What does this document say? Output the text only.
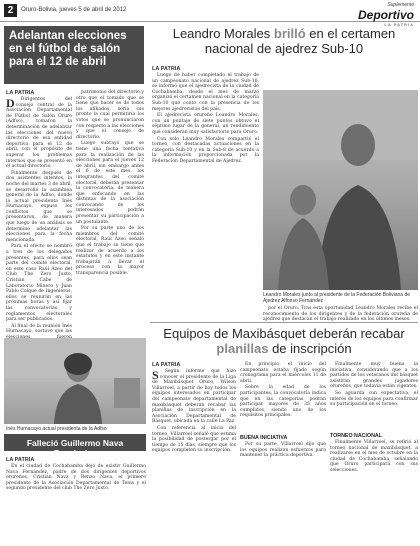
2	Oruro-Bolivia, jueves 5 de abril de 2012
Suplemento
Deportivo
LA PATRIA
Adelantan elecciones en el fútbol de salón para el 12 de abril
LA PATRIA
D	Dirigentes del consejo central de la Asociación Departamental de Fútbol de Salón Oruro (Adfso), tomaron la determinación de adelantar las elecciones del nuevo directorio de esa entidad deportiva para el 12 de abril, con el propósito de superar los problemas internos que se presentó en el actual directorio.

Finalmente después de dos asistentes intentos, la noche del martes 3 de abril, se desarrolló la asamblea general de la Adfso, donde la actual presidenta Inés Hurnacayo, expuso los conflictos que se presentaron, de manera que luego de un análisis se determinó adelantar las elecciones para la fecha mencionada.

Para el efecto se nombró a tres de los delegados presentes, para ellos sean parte del comité electoral, en este caso Raúl Azeo del Club The Zero Justo, Cristian Cabe de Laboratorio Minero y Juan Pablo Colque de Ingenieros, ellos se reunirán en las próximas horas y así fijar las convocatorias y reglamentos electorales para ser publicados.

Al final de la reunión Inés Hurnacayo, sostuvo que las

patrimonio del directorio y otro que el tomado que se tiene que hacer es de todos los afiliados, sería sus pronto la cual permitiría los votos que se pronunciaron con respecto a las elecciones y que el consejo de directorio.

Luego subrayó que se tiene una fecha tentativa para la realización de las elecciones para el jueves 12 de abril, sin embargo antes el 6 de este mes, los integrantes del comité electoral, deberán presentar la convocatoria, de manera que enfocando en las distintas de la asociación convocando de los interesados podrán presentar su participación a un postulante.

Por su parte uno de los miembros del comité electoral, Raúl Azeo señaló que el trabajo se tiene que realizar de acuerdo a los estatutos y en este instante trabajarán a llevar el proceso con la mayor transparencia posible.

Inés Hurnacayo actual presidenta de la Adfso
Falleció Guillermo Nava Fernández
LA PATRIA

En el ciudad de Cochabamba dejó de existir Guillermo Nava Fernández, padre de dos dirigentes deportivos orureños, Cristian Nava y Renzo Nava, el primero presidente de la Asociación Departamental de Tenis y el segundo presidente del club The Zero Justo.

Leandro Morales brilló en el certamen nacional de ajedrez Sub-10
LA PATRIA

Luego de haber completado el trabajo de un campeonato nacional de ajedrez Sub-10, se informó que el ajedrecista de la ciudad de Cochabamba, desde el mes de marzo organizó el certamen nacional en la categoría Sub-10 que contó con la presencia de los mejores ajedrecistas del país.

El ajedrecista orureño Leandro Morales, con un puntaje de siete puntos obtuvo el séptimo lugar de la general, un rendimiento que consideran muy satisfactorio para Oruro.

Con solo Leandro Morales compartió el torneo, con destacadas actuaciones en la categoría Sub-10 y en la Sub-8 de acuerdo a la información proporcionada por la Federación Departamental de Ajedrez.

Leandro Morales junto al presidente de la Federación Boliviana de Ajedrez Alfonso Fernández

por el Oruro. Tras esta oportunidad Leandro Morales recibe el reconocimiento de los dirigentes y de la federación orureña de ajedrez que destacan el trabajo realizado en los últimos meses.

Equipos de Maxibásquet deberán recabar planillas de inscripción
LA PATRIA
S	Según informe que hizo conocer el presidente de la Liga de Maxibásquet Oruro, Wilson Villarroel, a partir de hoy todos los equipos interesados en participar del campeonato departamental de maxibásquet deberán recabar las planillas de inscripción en la Asociación Departamental de Básquet, ubicada en la calle La Paz.

Con referencia al inicio del torneo, Villarroel señaló que estima la posibilidad de postergar por el tiempo de 15 días, siempre que los equipos completen su inscripción.

En principio, el inicio del campeonato estaba fijado según cronograma para el miércoles 11 de abril.

Sobre la edad de los participantes, la convocatoria indica que en las categorías podrán participar mayores de 35 años cumplidos, siendo uno de los requisitos principales.

BUENA INICIATIVA

Por su parte, Villarroel dijo que los equipos realizan esfuerzos para mantener la práctica deportiva.

Finalmente muy buena la iniciativa, considerando que a los partidos de los veteranos del básquet asistirán grandes jugadores orureños, que todavía están vigentes.

Se aguarda con expectativa, el interés de los equipos para confirmar su participación en el torneo.

TORNEO NACIONAL

Finalmente Villarroel, se refirió al torneo nacional de maxibásquet, a realizarse en el mes de octubre en la ciudad de Cochabamba, señalando que Oruro participará con sus selecciones.
